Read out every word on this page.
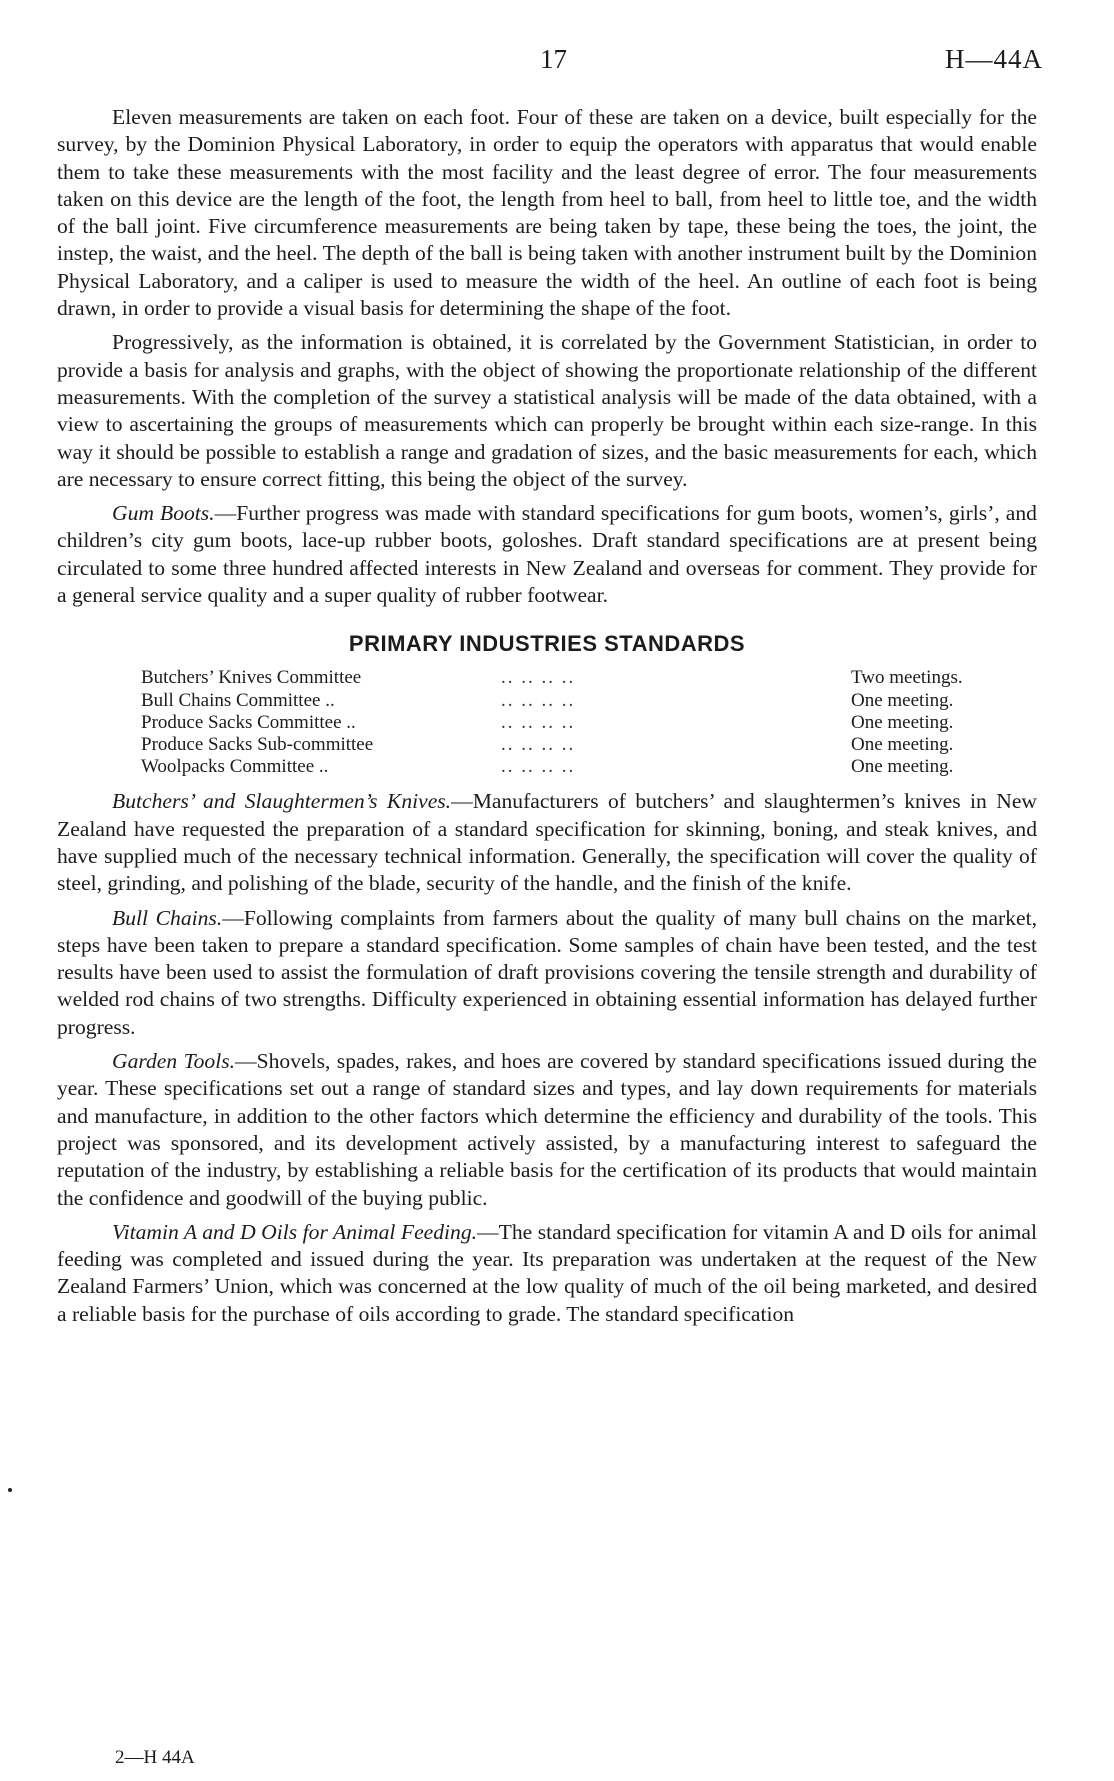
17	H—44A

Eleven measurements are taken on each foot. Four of these are taken on a device, built especially for the survey, by the Dominion Physical Laboratory, in order to equip the operators with apparatus that would enable them to take these measurements with the most facility and the least degree of error. The four measurements taken on this device are the length of the foot, the length from heel to ball, from heel to little toe, and the width of the ball joint. Five circumference measurements are being taken by tape, these being the toes, the joint, the instep, the waist, and the heel. The depth of the ball is being taken with another instrument built by the Dominion Physical Laboratory, and a caliper is used to measure the width of the heel. An outline of each foot is being drawn, in order to provide a visual basis for determining the shape of the foot.

Progressively, as the information is obtained, it is correlated by the Government Statistician, in order to provide a basis for analysis and graphs, with the object of showing the proportionate relationship of the different measurements. With the completion of the survey a statistical analysis will be made of the data obtained, with a view to ascertaining the groups of measurements which can properly be brought within each size-range. In this way it should be possible to establish a range and gradation of sizes, and the basic measurements for each, which are necessary to ensure correct fitting, this being the object of the survey.

Gum Boots.—Further progress was made with standard specifications for gum boots, women’s, girls’, and children’s city gum boots, lace-up rubber boots, goloshes. Draft standard specifications are at present being circulated to some three hundred affected interests in New Zealand and overseas for comment. They provide for a general service quality and a super quality of rubber footwear.

PRIMARY INDUSTRIES STANDARDS
Butchers’ Knives Committee	.. .. .. ..	Two meetings.
Bull Chains Committee ..	.. .. .. ..	One meeting.
Produce Sacks Committee ..	.. .. .. ..	One meeting.
Produce Sacks Sub-committee	.. .. .. ..	One meeting.
Woolpacks Committee ..	.. .. .. ..	One meeting.

Butchers’ and Slaughtermen’s Knives.—Manufacturers of butchers’ and slaughtermen’s knives in New Zealand have requested the preparation of a standard specification for skinning, boning, and steak knives, and have supplied much of the necessary technical information. Generally, the specification will cover the quality of steel, grinding, and polishing of the blade, security of the handle, and the finish of the knife.

Bull Chains.—Following complaints from farmers about the quality of many bull chains on the market, steps have been taken to prepare a standard specification. Some samples of chain have been tested, and the test results have been used to assist the formulation of draft provisions covering the tensile strength and durability of welded rod chains of two strengths. Difficulty experienced in obtaining essential information has delayed further progress.

Garden Tools.—Shovels, spades, rakes, and hoes are covered by standard specifications issued during the year. These specifications set out a range of standard sizes and types, and lay down requirements for materials and manufacture, in addition to the other factors which determine the efficiency and durability of the tools. This project was sponsored, and its development actively assisted, by a manufacturing interest to safeguard the reputation of the industry, by establishing a reliable basis for the certification of its products that would maintain the confidence and goodwill of the buying public.

Vitamin A and D Oils for Animal Feeding.—The standard specification for vitamin A and D oils for animal feeding was completed and issued during the year. Its preparation was undertaken at the request of the New Zealand Farmers’ Union, which was concerned at the low quality of much of the oil being marketed, and desired a reliable basis for the purchase of oils according to grade. The standard specification

2—H 44A
